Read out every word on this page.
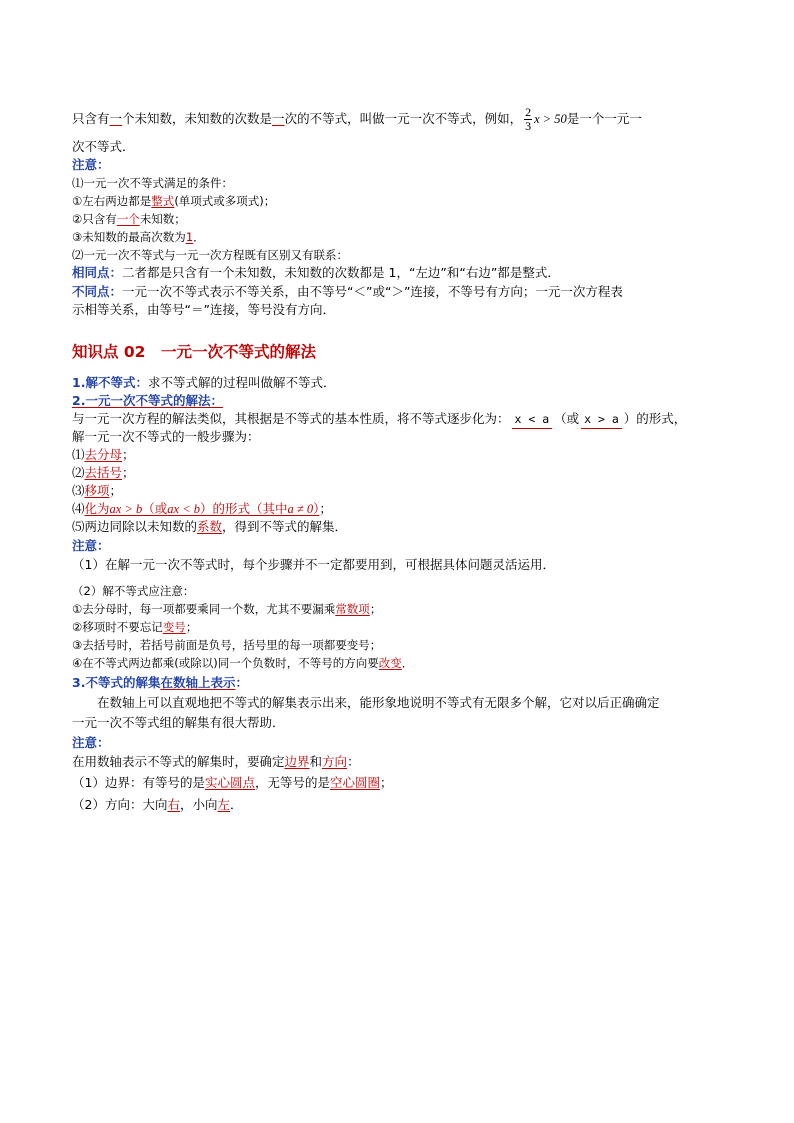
只含有一个未知数，未知数的次数是一次的不等式，叫做一元一次不等式，例如， $\frac{2}{3}$ x > 50是一个一元一
次不等式．
注意：
⑴一元一次不等式满足的条件：
①左右两边都是整式(单项式或多项式)；
②只含有一个未知数；
③未知数的最高次数为1．
⑵一元一次不等式与一元一次方程既有区别又有联系：
相同点：二者都是只含有一个未知数，未知数的次数都是 1，“左边”和“右边”都是整式．
不同点：一元一次不等式表示不等关系，由不等号“＜”或“＞”连接，不等号有方向；一元一次方程表
示相等关系，由等号“＝”连接，等号没有方向．
知识点 02　一元一次不等式的解法
1.解不等式：求不等式解的过程叫做解不等式．
2.一元一次不等式的解法：
与一元一次方程的解法类似，其根据是不等式的基本性质，将不等式逐步化为： x < a （或 x > a ）的形式，
解一元一次不等式的一般步骤为：
⑴去分母；
⑵去括号；
⑶移项；
⑷化为ax > b（或ax < b）的形式（其中a ≠ 0）；
⑸两边同除以未知数的系数，得到不等式的解集．
注意：
（1）在解一元一次不等式时，每个步骤并不一定都要用到，可根据具体问题灵活运用．
（2）解不等式应注意：
①去分母时，每一项都要乘同一个数，尤其不要漏乘常数项；
②移项时不要忘记变号；
③去括号时，若括号前面是负号，括号里的每一项都要变号；
④在不等式两边都乘(或除以)同一个负数时，不等号的方向要改变．
3.不等式的解集在数轴上表示：
　　在数轴上可以直观地把不等式的解集表示出来，能形象地说明不等式有无限多个解，它对以后正确确定
一元一次不等式组的解集有很大帮助．
注意：
在用数轴表示不等式的解集时，要确定边界和方向：
（1）边界：有等号的是实心圆点，无等号的是空心圆圈；
（2）方向：大向右，小向左．
